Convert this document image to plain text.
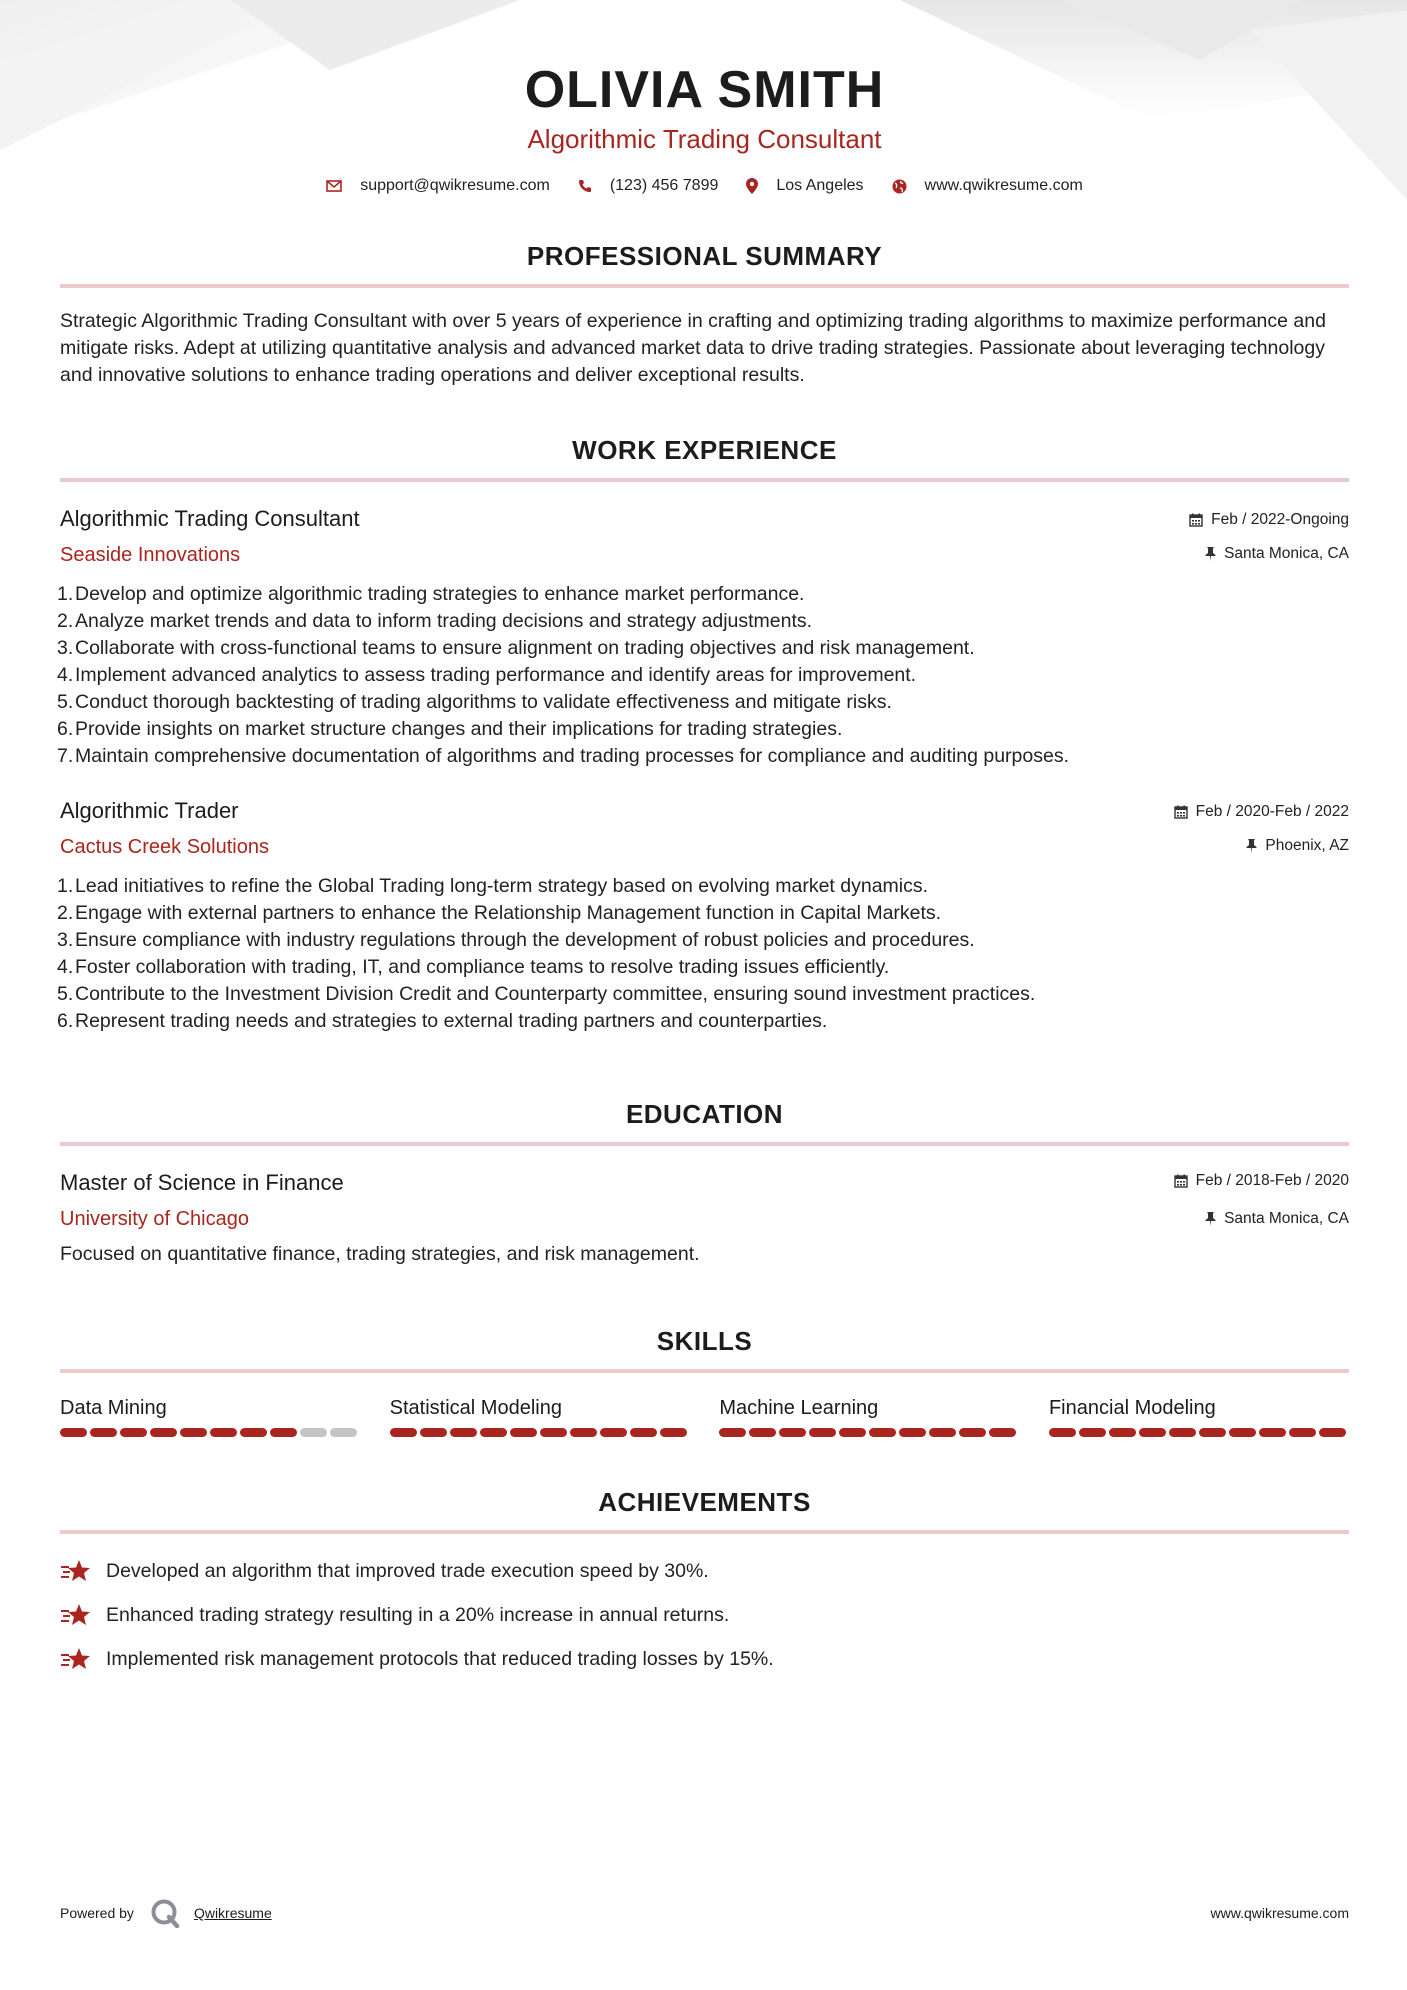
OLIVIA SMITH
Algorithmic Trading Consultant
support@qwikresume.com	(123) 456 7899	Los Angeles	www.qwikresume.com
PROFESSIONAL SUMMARY

Strategic Algorithmic Trading Consultant with over 5 years of experience in crafting and optimizing trading algorithms to maximize performance and mitigate risks. Adept at utilizing quantitative analysis and advanced market data to drive trading strategies. Passionate about leveraging technology and innovative solutions to enhance trading operations and deliver exceptional results.

WORK EXPERIENCE
Algorithmic Trading Consultant
Seaside Innovations
Feb / 2022-Ongoing
Santa Monica, CA
1. Develop and optimize algorithmic trading strategies to enhance market performance.
2. Analyze market trends and data to inform trading decisions and strategy adjustments.
3. Collaborate with cross-functional teams to ensure alignment on trading objectives and risk management.
4. Implement advanced analytics to assess trading performance and identify areas for improvement.
5. Conduct thorough backtesting of trading algorithms to validate effectiveness and mitigate risks.
6. Provide insights on market structure changes and their implications for trading strategies.
7. Maintain comprehensive documentation of algorithms and trading processes for compliance and auditing purposes.
Algorithmic Trader
Cactus Creek Solutions
Feb / 2020-Feb / 2022
Phoenix, AZ
1. Lead initiatives to refine the Global Trading long-term strategy based on evolving market dynamics.
2. Engage with external partners to enhance the Relationship Management function in Capital Markets.
3. Ensure compliance with industry regulations through the development of robust policies and procedures.
4. Foster collaboration with trading, IT, and compliance teams to resolve trading issues efficiently.
5. Contribute to the Investment Division Credit and Counterparty committee, ensuring sound investment practices.
6. Represent trading needs and strategies to external trading partners and counterparties.
EDUCATION
Master of Science in Finance
University of Chicago
Feb / 2018-Feb / 2020
Santa Monica, CA

Focused on quantitative finance, trading strategies, and risk management.

SKILLS
Data Mining	Statistical Modeling	Machine Learning	Financial Modeling
ACHIEVEMENTS
Developed an algorithm that improved trade execution speed by 30%.
Enhanced trading strategy resulting in a 20% increase in annual returns.
Implemented risk management protocols that reduced trading losses by 15%.
Powered by	Qwikresume	www.qwikresume.com
